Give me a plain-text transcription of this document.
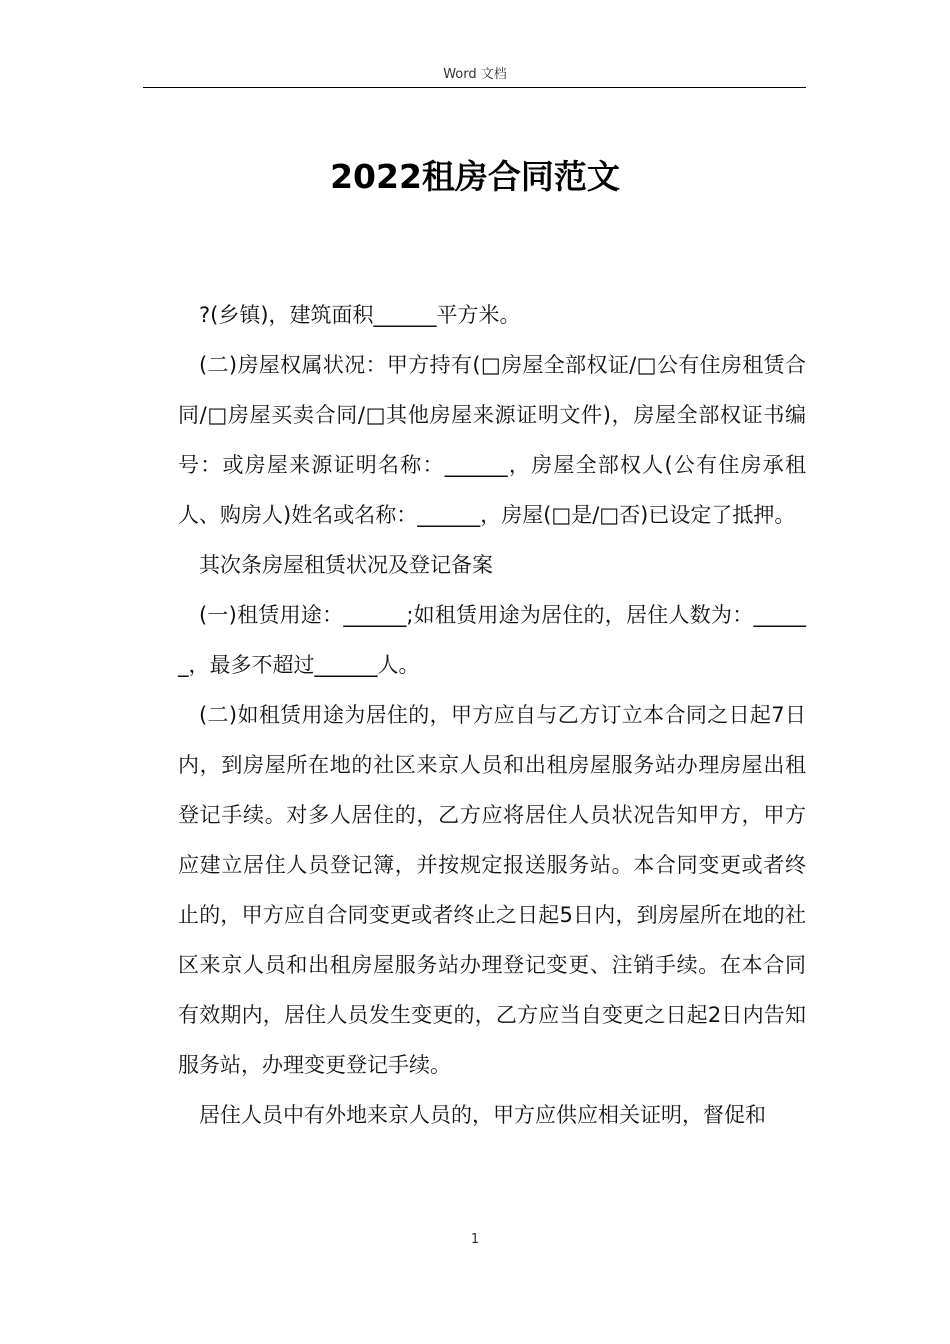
Word 文档
2022租房合同范文

?(乡镇)，建筑面积______平方米。

(二)房屋权属状况：甲方持有(□房屋全部权证/□公有住房租赁合同/□房屋买卖合同/□其他房屋来源证明文件)，房屋全部权证书编号：或房屋来源证明名称：______，房屋全部权人(公有住房承租人、购房人)姓名或名称：______，房屋(□是/□否)已设定了抵押。

其次条房屋租赁状况及登记备案

(一)租赁用途：______;如租赁用途为居住的，居住人数为：______，最多不超过______人。

(二)如租赁用途为居住的，甲方应自与乙方订立本合同之日起7日内，到房屋所在地的社区来京人员和出租房屋服务站办理房屋出租登记手续。对多人居住的，乙方应将居住人员状况告知甲方，甲方应建立居住人员登记簿，并按规定报送服务站。本合同变更或者终止的，甲方应自合同变更或者终止之日起5日内，到房屋所在地的社区来京人员和出租房屋服务站办理登记变更、注销手续。在本合同有效期内，居住人员发生变更的，乙方应当自变更之日起2日内告知服务站，办理变更登记手续。

居住人员中有外地来京人员的，甲方应供应相关证明，督促和

1
